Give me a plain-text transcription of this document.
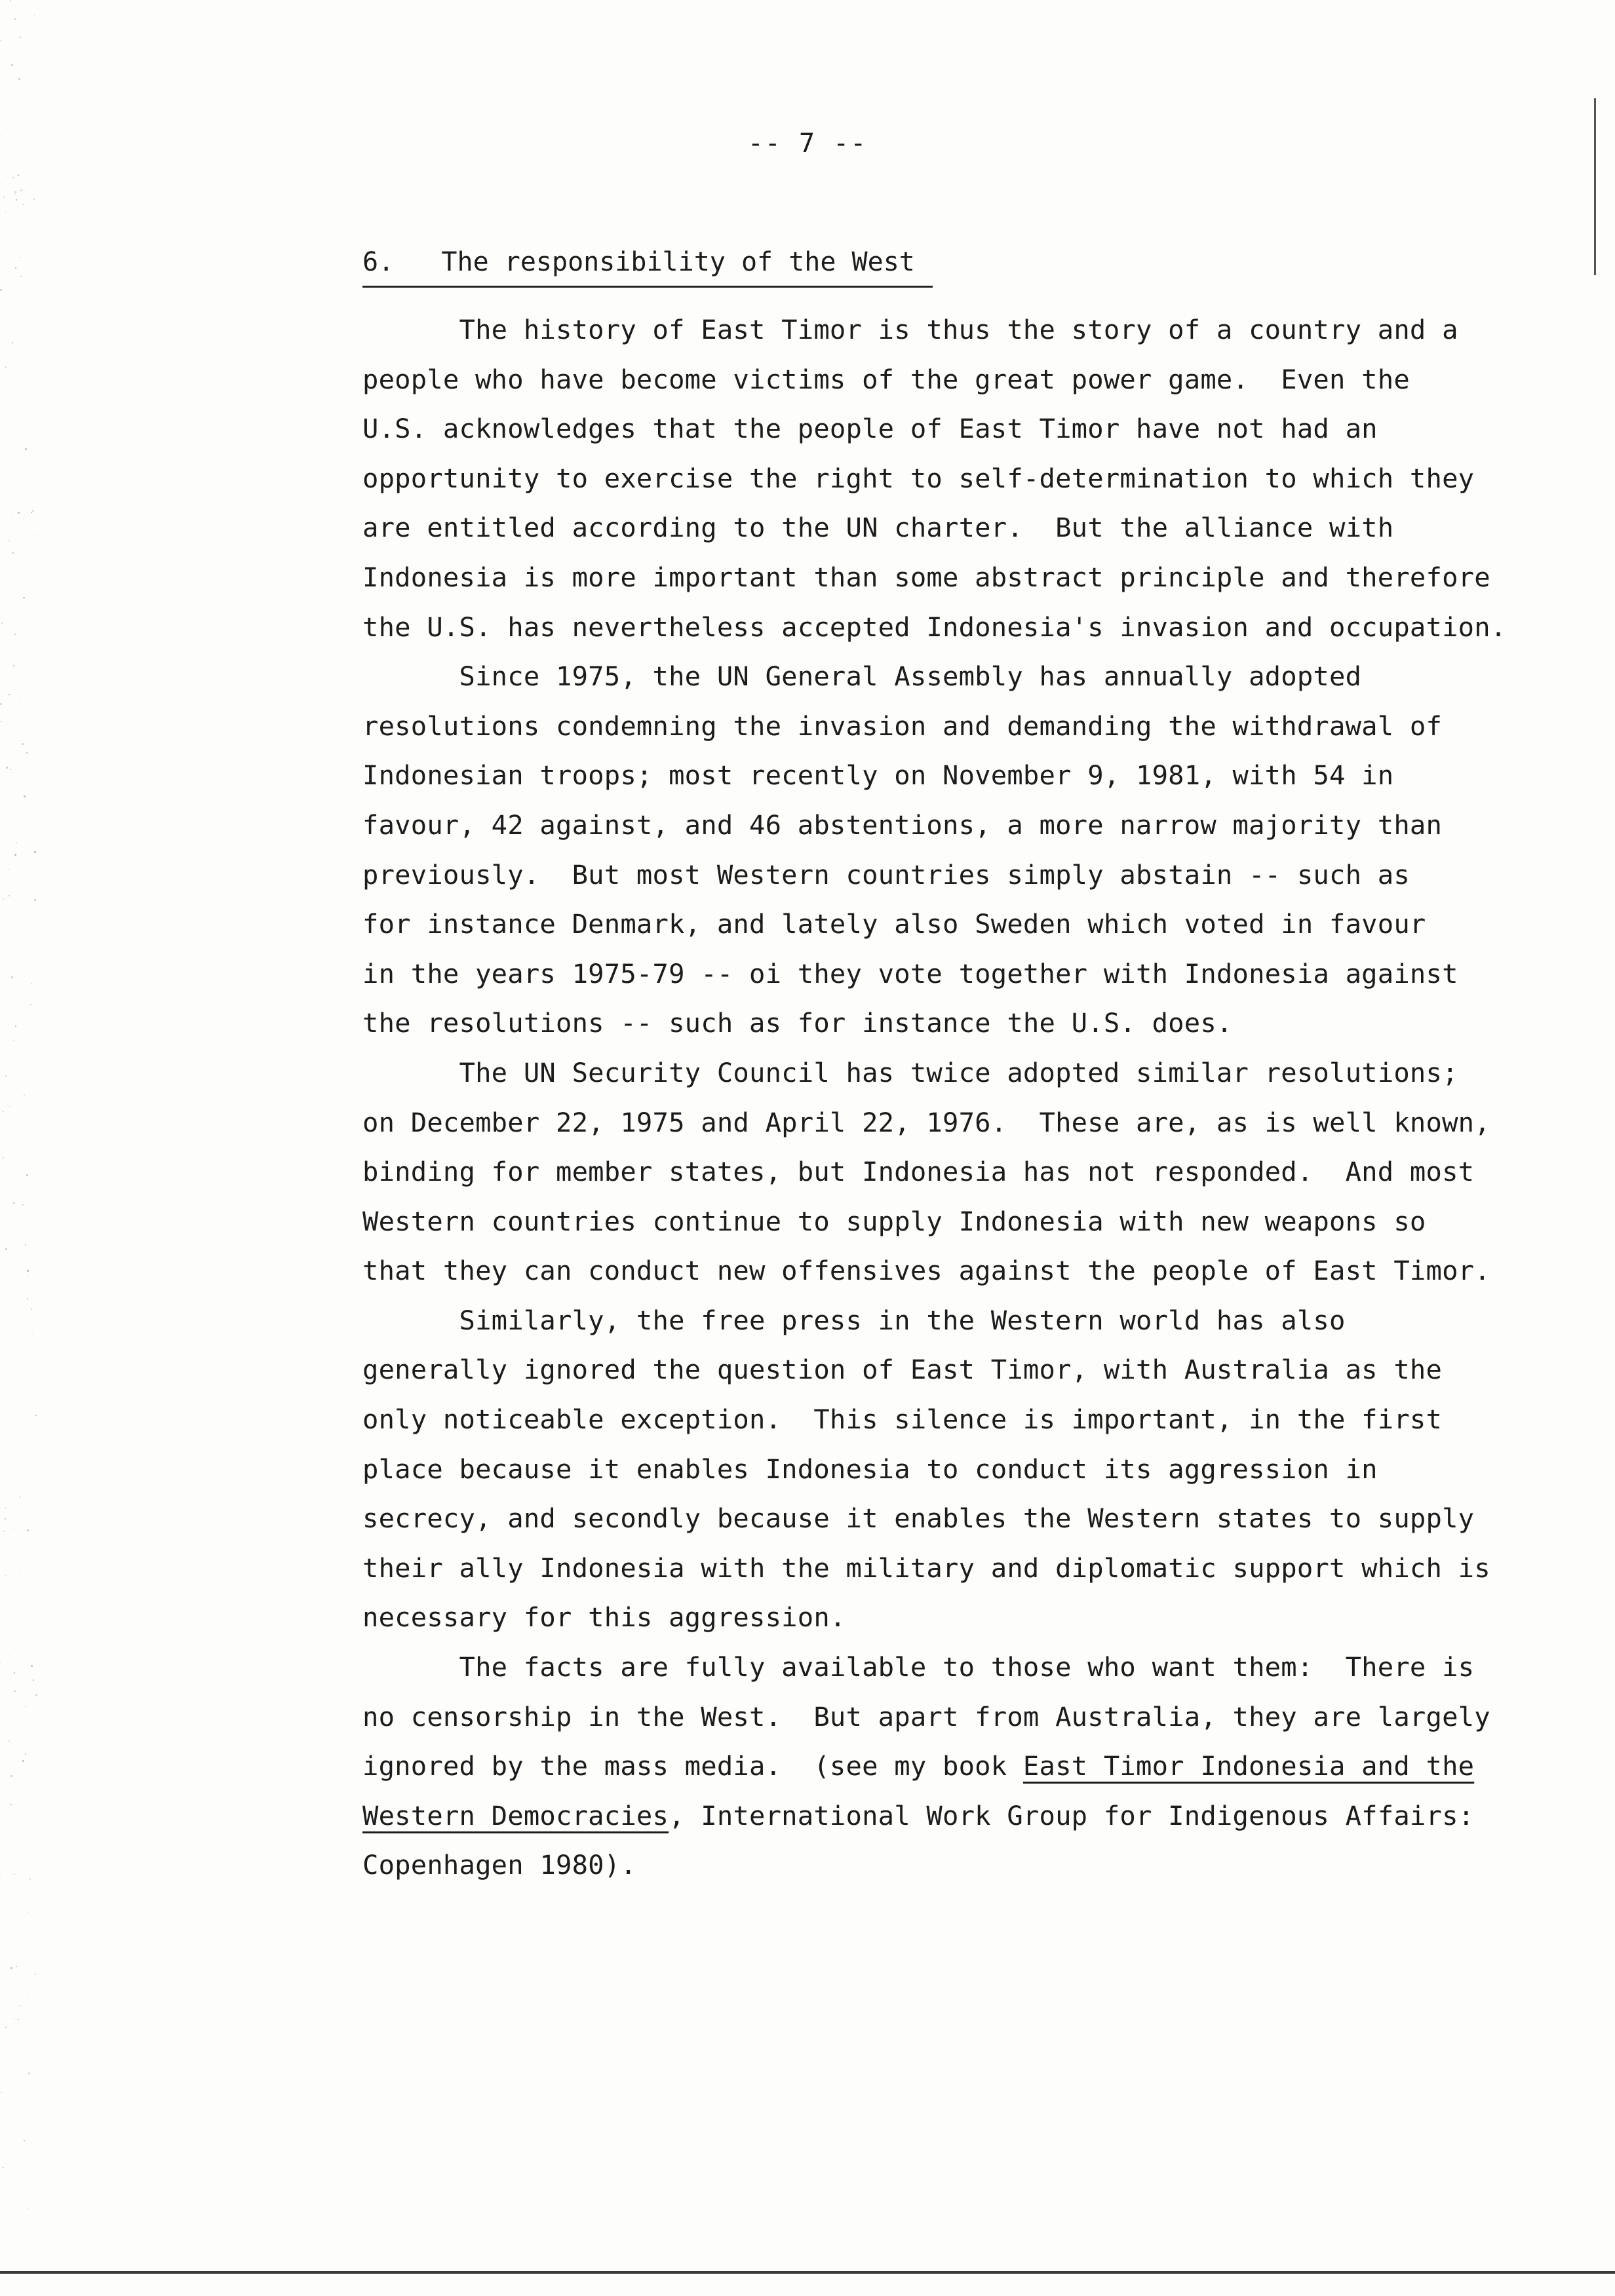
-- 7 --
6.   The responsibility of the West
The history of East Timor is thus the story of a country and a
people who have become victims of the great power game.  Even the
U.S. acknowledges that the people of East Timor have not had an
opportunity to exercise the right to self-determination to which they
are entitled according to the UN charter.  But the alliance with
Indonesia is more important than some abstract principle and therefore
the U.S. has nevertheless accepted Indonesia's invasion and occupation.
Since 1975, the UN General Assembly has annually adopted
resolutions condemning the invasion and demanding the withdrawal of
Indonesian troops; most recently on November 9, 1981, with 54 in
favour, 42 against, and 46 abstentions, a more narrow majority than
previously.  But most Western countries simply abstain -- such as
for instance Denmark, and lately also Sweden which voted in favour
in the years 1975-79 -- oi they vote together with Indonesia against
the resolutions -- such as for instance the U.S. does.
The UN Security Council has twice adopted similar resolutions;
on December 22, 1975 and April 22, 1976.  These are, as is well known,
binding for member states, but Indonesia has not responded.  And most
Western countries continue to supply Indonesia with new weapons so
that they can conduct new offensives against the people of East Timor.
Similarly, the free press in the Western world has also
generally ignored the question of East Timor, with Australia as the
only noticeable exception.  This silence is important, in the first
place because it enables Indonesia to conduct its aggression in
secrecy, and secondly because it enables the Western states to supply
their ally Indonesia with the military and diplomatic support which is
necessary for this aggression.
The facts are fully available to those who want them:  There is
no censorship in the West.  But apart from Australia, they are largely
ignored by the mass media.  (see my book East Timor Indonesia and the
Western Democracies, International Work Group for Indigenous Affairs:
Copenhagen 1980).
